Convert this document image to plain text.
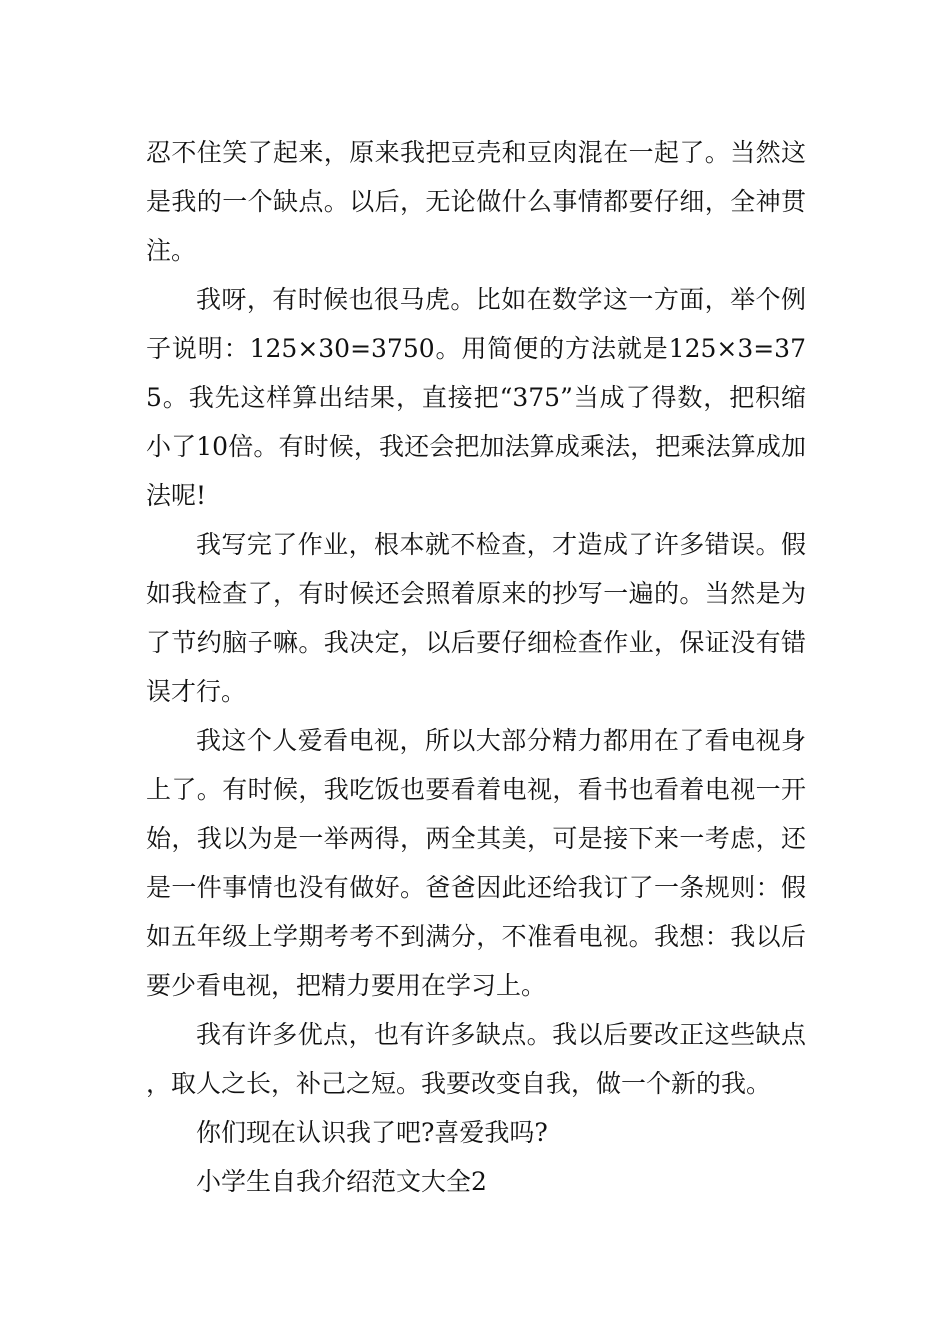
忍不住笑了起来，原来我把豆壳和豆肉混在一起了。当然这是我的一个缺点。以后，无论做什么事情都要仔细，全神贯注。

我呀，有时候也很马虎。比如在数学这一方面，举个例子说明：125×30=3750。用简便的方法就是125×3=375。我先这样算出结果，直接把“375”当成了得数，把积缩小了10倍。有时候，我还会把加法算成乘法，把乘法算成加法呢!

我写完了作业，根本就不检查，才造成了许多错误。假如我检查了，有时候还会照着原来的抄写一遍的。当然是为了节约脑子嘛。我决定，以后要仔细检查作业，保证没有错误才行。

我这个人爱看电视，所以大部分精力都用在了看电视身上了。有时候，我吃饭也要看着电视，看书也看着电视一开始，我以为是一举两得，两全其美，可是接下来一考虑，还是一件事情也没有做好。爸爸因此还给我订了一条规则：假如五年级上学期考考不到满分，不准看电视。我想：我以后要少看电视，把精力要用在学习上。

我有许多优点，也有许多缺点。我以后要改正这些缺点，取人之长，补己之短。我要改变自我，做一个新的我。

你们现在认识我了吧?喜爱我吗?

小学生自我介绍范文大全2
